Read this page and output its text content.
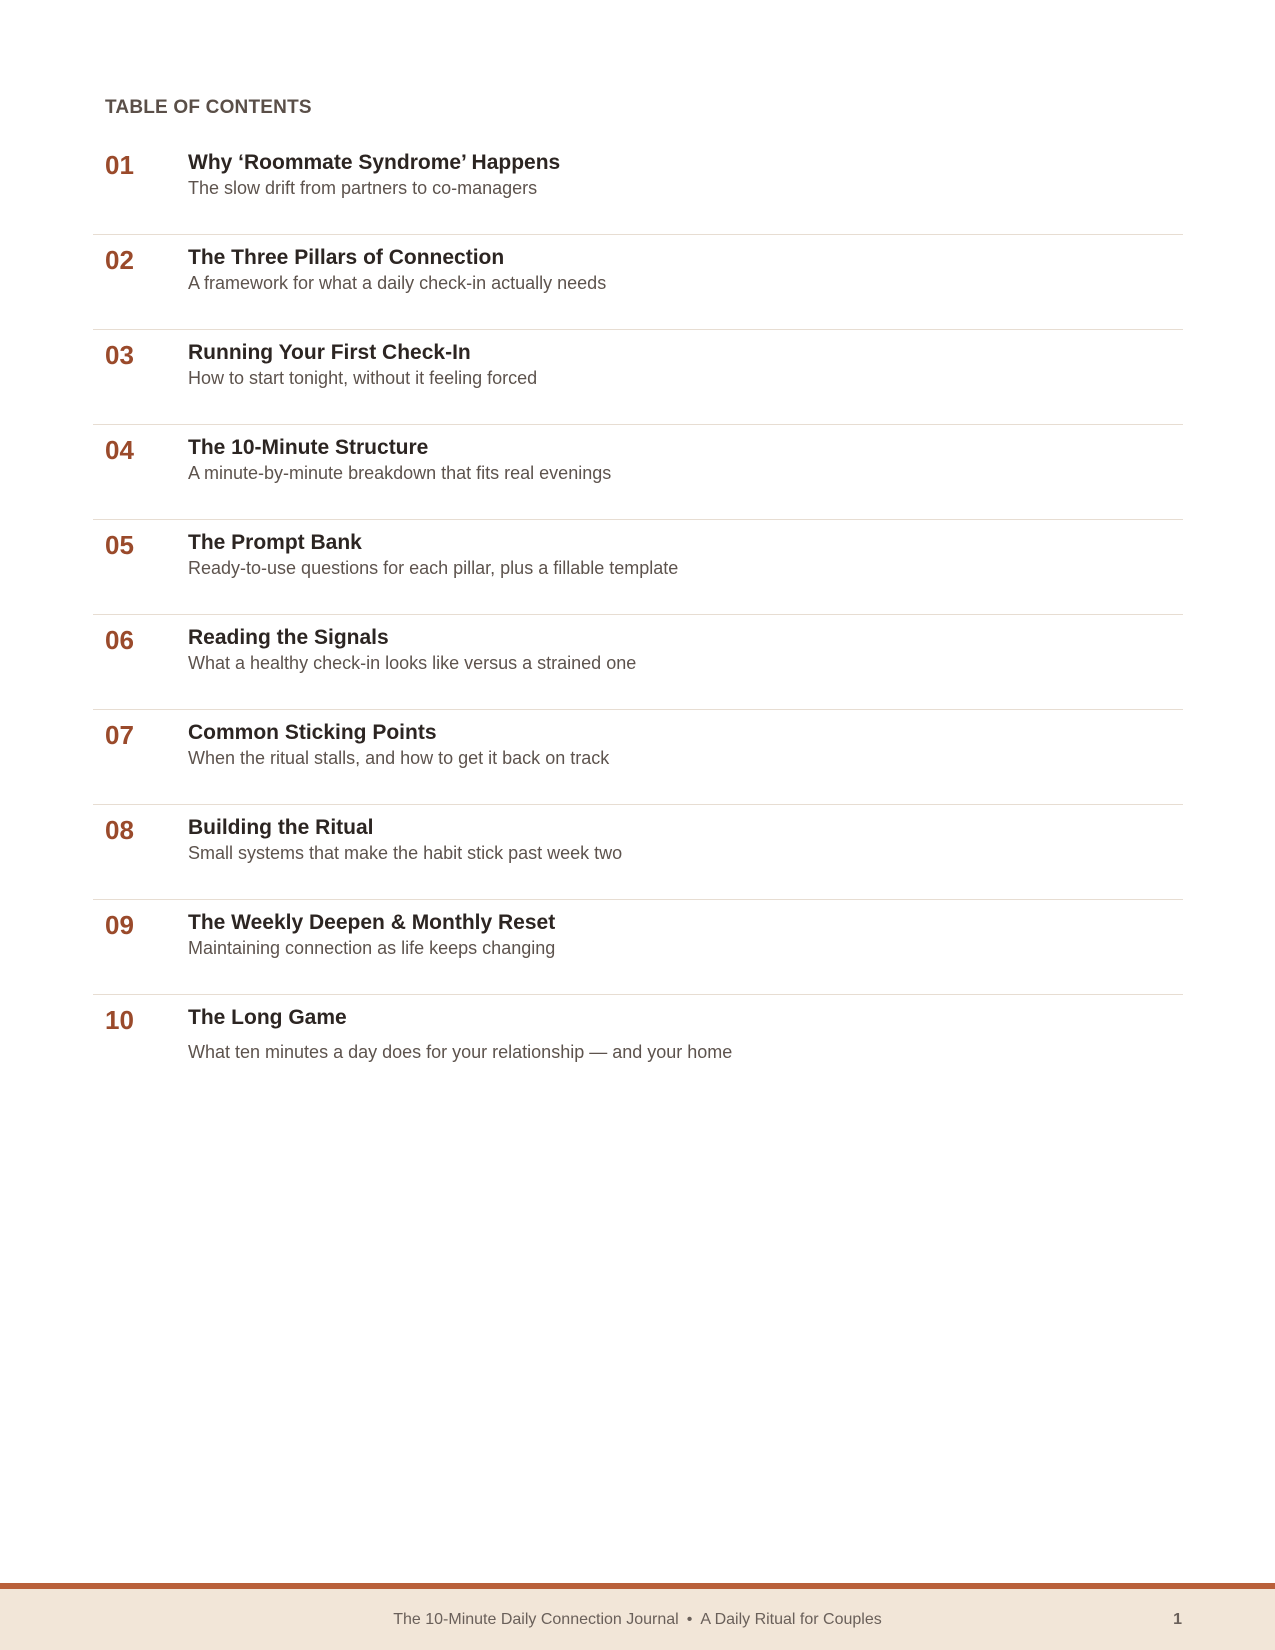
TABLE OF CONTENTS
01	Why ‘Roommate Syndrome’ Happens
The slow drift from partners to co-managers
02	The Three Pillars of Connection
A framework for what a daily check-in actually needs
03	Running Your First Check-In
How to start tonight, without it feeling forced
04	The 10-Minute Structure
A minute-by-minute breakdown that fits real evenings
05	The Prompt Bank
Ready-to-use questions for each pillar, plus a fillable template
06	Reading the Signals
What a healthy check-in looks like versus a strained one
07	Common Sticking Points
When the ritual stalls, and how to get it back on track
08	Building the Ritual
Small systems that make the habit stick past week two
09	The Weekly Deepen & Monthly Reset
Maintaining connection as life keeps changing
10	The Long Game
What ten minutes a day does for your relationship — and your home
The 10-Minute Daily Connection Journal • A Daily Ritual for Couples	1
